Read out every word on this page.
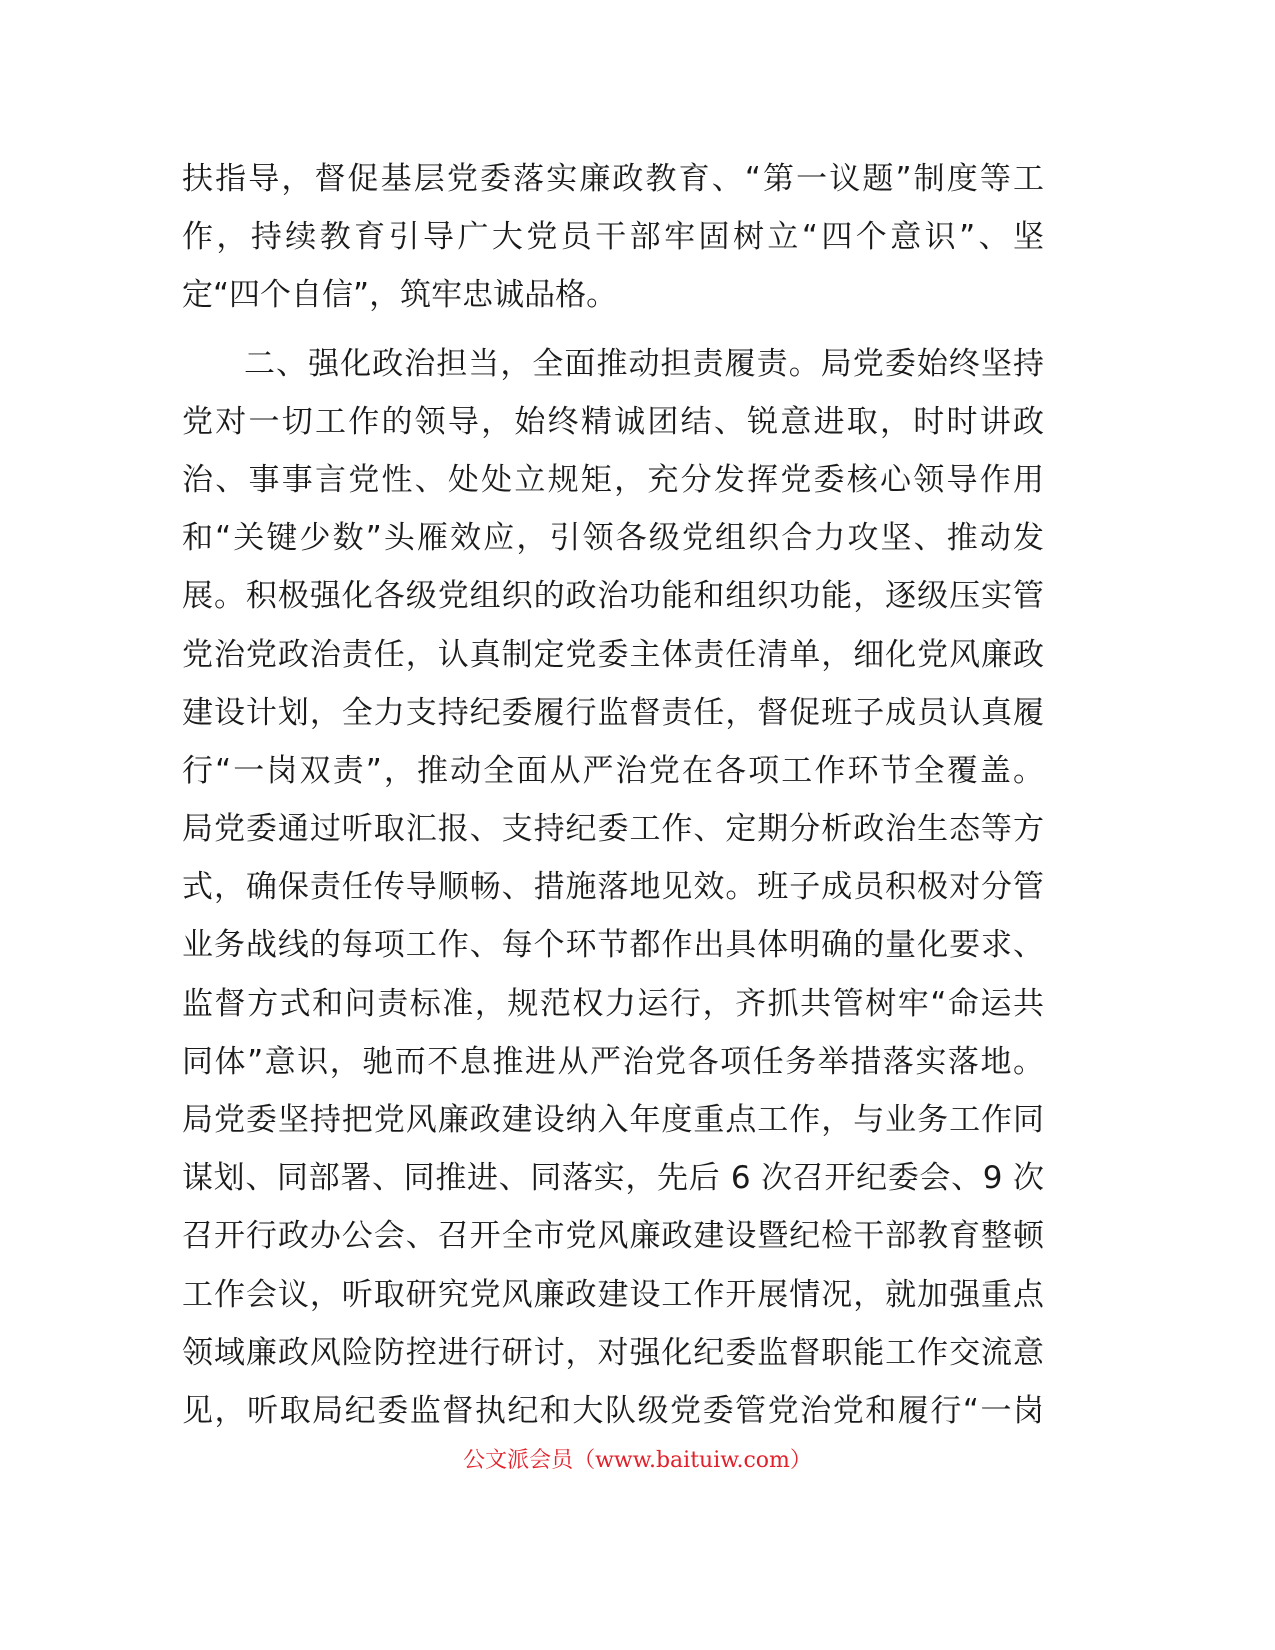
扶指导，督促基层党委落实廉政教育、“第一议题”制度等工
作，持续教育引导广大党员干部牢固树立“四个意识”、坚
定“四个自信”，筑牢忠诚品格。
二、强化政治担当，全面推动担责履责。局党委始终坚持
党对一切工作的领导，始终精诚团结、锐意进取，时时讲政
治、事事言党性、处处立规矩，充分发挥党委核心领导作用
和“关键少数”头雁效应，引领各级党组织合力攻坚、推动发
展。积极强化各级党组织的政治功能和组织功能，逐级压实管
党治党政治责任，认真制定党委主体责任清单，细化党风廉政
建设计划，全力支持纪委履行监督责任，督促班子成员认真履
行“一岗双责”，推动全面从严治党在各项工作环节全覆盖。
局党委通过听取汇报、支持纪委工作、定期分析政治生态等方
式，确保责任传导顺畅、措施落地见效。班子成员积极对分管
业务战线的每项工作、每个环节都作出具体明确的量化要求、
监督方式和问责标准，规范权力运行，齐抓共管树牢“命运共
同体”意识，驰而不息推进从严治党各项任务举措落实落地。
局党委坚持把党风廉政建设纳入年度重点工作，与业务工作同
谋划、同部署、同推进、同落实，先后 6 次召开纪委会、9 次
召开行政办公会、召开全市党风廉政建设暨纪检干部教育整顿
工作会议，听取研究党风廉政建设工作开展情况，就加强重点
领域廉政风险防控进行研讨，对强化纪委监督职能工作交流意
见，听取局纪委监督执纪和大队级党委管党治党和履行“一岗
公文派会员（www.baituiw.com）
